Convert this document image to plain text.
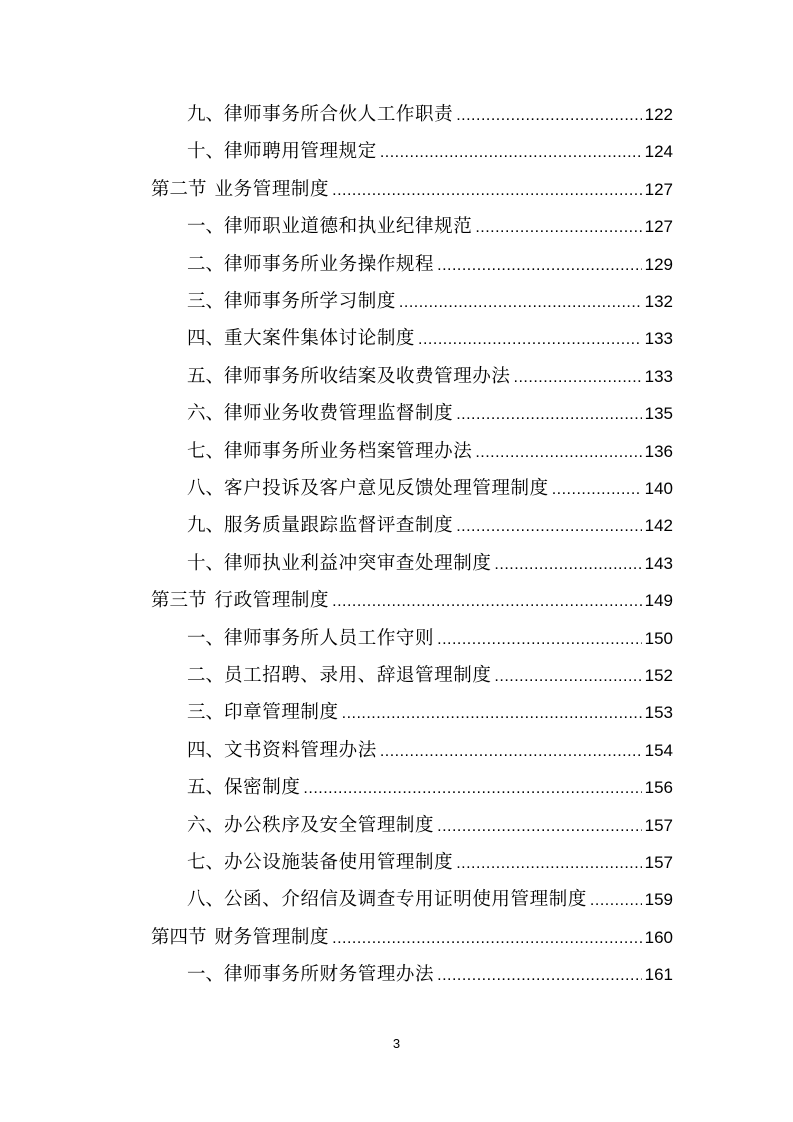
九、 律师事务所合伙人工作职责 .....	122
十、 律师聘用管理规定 .....	124
第二节 业务管理制度 .....	127
一、 律师职业道德和执业纪律规范 .....	127
二、 律师事务所业务操作规程 .....	129
三、 律师事务所学习制度 .....	132
四、 重大案件集体讨论制度 .....	133
五、 律师事务所收结案及收费管理办法 .....	133
六、 律师业务收费管理监督制度 .....	135
七、 律师事务所业务档案管理办法 .....	136
八、 客户投诉及客户意见反馈处理管理制度 .....	140
九、 服务质量跟踪监督评查制度 .....	142
十、 律师执业利益冲突审查处理制度 .....	143
第三节 行政管理制度 .....	149
一、 律师事务所人员工作守则 .....	150
二、 员工招聘、录用、辞退管理制度 .....	152
三、 印章管理制度 .....	153
四、 文书资料管理办法 .....	154
五、 保密制度 .....	156
六、 办公秩序及安全管理制度 .....	157
七、 办公设施装备使用管理制度 .....	157
八、 公函、介绍信及调查专用证明使用管理制度 .....	159
第四节 财务管理制度 .....	160
一、 律师事务所财务管理办法 .....	161
3
